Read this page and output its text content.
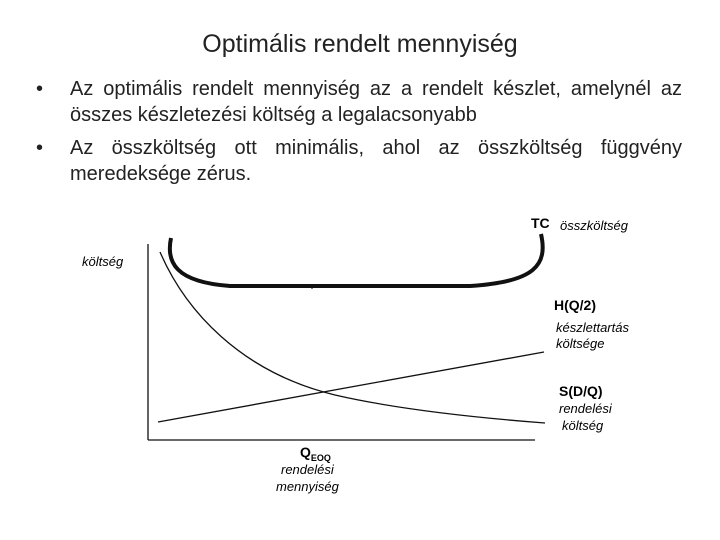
Optimális rendelt mennyiség
• Az optimális rendelt mennyiség az a rendelt készlet, amelynél az összes készletezési költség a legalacsonyabb
• Az összköltség ott minimális, ahol az összköltség függvény meredeksége zérus.
költség
TC összköltség
H(Q/2)
készlettartás
költsége
S(D/Q)
rendelési
költség
$Q_{EOQ}$
rendelési
mennyiség
